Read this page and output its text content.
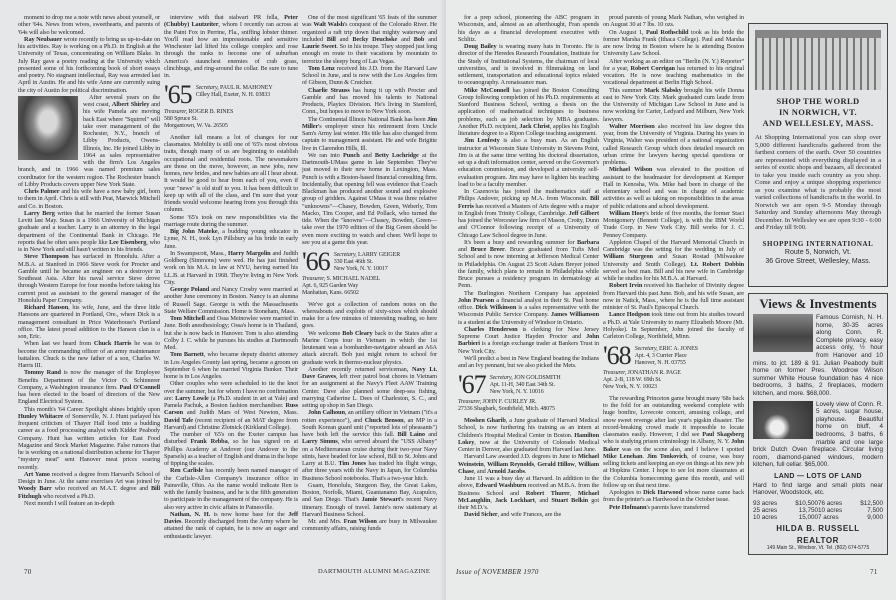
moment to drop me a note with news about yourself, or other '64s. News from wives, sweethearts, and parents of '64s will also be welcomed.

Ray Neubauer wrote recently to bring us up-to-date on his activities. Ray is working on a Ph.D. in English at the University of Texas, concentrating on William Blake. In July Ray gave a poetry reading at the University which presented some of his forthcoming book of short essays and poetry. No stagnant intellectual, Ray was arrested last April in Austin. He and his wife Anne are currently suing the city of Austin for political discrimination.

After several years on the west coast, Albert Shirley and his wife Pamela are moving back East where "Squirrel" will take over management of the Rochester, N.Y., branch of Libby Products, Owens-Illinois, Inc. He joined Libby in 1964 as sales representative with the firm's Los Angeles branch, and in 1966 was named premium sales coordinator for the western region. The Rochester branch of Libby Products covers upper New York State.

Chris Palmer and his wife have a new baby girl, born to them in April. Chris is still with Peat, Marwick Mitchell and Co. in Boston.

Larry Berg writes that he married the former Susan Levitt last May. Susan is a 1966 University of Michigan graduate and a teacher. Larry is an attorney in the legal department of the Continental Bank in Chicago. He reports that he often sees people like Lee Eisenberg, who is in New York and still hasn't written to his friends.

Steve Thompson has surfaced in Honolulu. After a M.B.A. at Stanford in 1966 Steve work for Procter and Gamble until he became an engineer on a destroyer in Southeast Asia. After his naval service Steve drove through Western Europe for four months before taking his current post as assistant to the general manager of the Honolulu Paper Company.

Richard Hanson, his wife, June, and the three little Hansons are quartered in Portland, Ore., where Dick is a management consultant in Price Waterhouse's Portland office. The latest proud addition to the Hanson clan is a son, Eric.

When last we heard from Chuck Harris he was to become the commanding officer of an army maintenance battalion. Chuck is the new father of a son, Charles W. Harris III.

Tommy Rand is now the manager of the Employee Benefits Department of the Victor O. Schinnerer Company, a Washington insurance firm. Paul O'Connell has been elected to the board of directors of the New England Electrical System.

This month's '64 Career Spotlight shines brightly upon Hunley Whitacre of Somerville, N. J. Hunt parlayed his frequent criticism of Thayer Hall food into a budding career as a food processing analyst with Kidder Peabody Company. Hunt has written articles for East Food Magazine and Stock Market Magazine. False rumors that he is working on a national distribution scheme for Thayer "mystery meat" sent Hanover meat prices soaring recently.

Art Yamo received a degree from Harvard's School of Design in June. At the same exercises Art was joined by Woody Barr who received an M.A.T. degree and Bill Fitzhugh who received a Ph.D.

Next month I will feature an in-depth

interview with that stalwart PR fella, Peter (Chubby) Lautzeiter, whom I recently ran across at the Paint Fox in Perrine, Fla., sniffing lobster thimer. You'll read how an impressionable and sensitive Winchester lad lifted his college complex and rose through the ranks to become one of suburban America's staunchest enemies of crab grass, clinchbugs, and ring-around the collar. Be sure to tune in.

'65 Secretary, PAUL R. MAHONEY
Cilley Hall, Exeter, N. H. 03833
Treasurer, ROGER B. RINES
580 Spruce St.
Morgantown, W. Va. 26505

Another fall means a lot of changes for our classmates. Mobility is still one of '65's most obvious traits, though many of us are beginning to establish occupational and residential roots. The newsmakers are those on the move, however, as new jobs, new homes, new brides, and new babies are all I hear about. It would be good to hear from each of you, even if your "news" is old stuff to you. It has been difficult to keep up with all of the class, and I'm sure that your friends would welcome hearing from you through this column.

Some '65's took on new responsibilities via the marriage route during the summer.

Big John Mateke, a budding young educator in Lyme, N. H., took Lyn Pillsbury as his bride in early June.

In Swampscott, Mass., Harry Margolin and Judith Goldberg (Simmons) were wed. He has just finished work on his M.A. in law at NYU, having earned his LL.B. at Harvard in 1968. They're living in New York City.

George Poland and Nancy Crosby were married at another June ceremony in Boston. Nancy is an alumna of Russell Sage. George is with the Massachusetts State Welfare Commission. Home is Stoneham, Mass.

Tom Mitchell and Ossa Meinowlee were married in June. Both anesthesiology; Ossa's home is in Thailand, but she is now back in Hanover. Tom is also attending Colby J. C. while he pursues his studies at Dartmouth Med.

Tom Barnett, who became deputy district attorney in Los Angeles County last spring, became a groom on September 6 when he married Virginia Bunker. Their home is in Los Angeles.

Other couples who were scheduled to tie the knot over the summer, but for whom I have no confirmation are: Larry Lowle (a Ph.D. student in art at Yale) and Pamela Pachuk, a Boston fashion merchandiser. Russ Carson and Judith Mars of West Newton, Mass. David Tafe (recent recipient of an MAT degree from Harvard) and Christine Zlotnick (Kirkland College).

The number of '65's on the Exeter campus has disturbed Frank Rebba, so he has signed on at Phillips Academy at Andover (our Andover to the Sparsels) as a teacher of English and drama in the hope of tipping the scales.

Ren Carlisle has recently been named manager of the Carlisle-Allen Company's insurance office in Painsville, Ohio. As the name would indicate Ren is with the family business, and he is the fifth generation to participate in the management of the company. He is also very active in civic affairs in Painesville.

Nathan, N. H. is now home base for the Jeff Davies. Recently discharged from the Army where he attained the rank of captain, he is now an eager and enthusiastic lawyer.

One of the most significant '65 feats of the summer was Walt Walsh's conquest of the Colorado River. He organized a raft trip down that mighty waterway and included Bill and Becky Deuchske and Bob and Laurie Sweet. So in his troupe. They stopped just long enough en route to their vacations by mountain to terrorize the sleepy burg of Las Vegas.

Tom Lenz received his J.D. from the Harvard Law School in June, and is now with the Los Angeles firm of Gibson, Dunn & Crutcher.

Charlie Strauss has hung it up with Procter and Gamble and has moved his talents to National Products, Playtex Division. He's living in Stamford, Conn., but hopes to move to New York soon.

The Continental Illinois National Bank has been Jim Miller's employer since his retirement from Uncle Sam's Army last winter. His title has also changed from captain to management assistant. He and wife Brigitte live in Clarendon Hills, Ill.

We ran into Punch and Betty Lochridge at the Dartmouth-UMass game in late September. They've just moved to their new home in Lexington, Mass. Punch is with a Boston-based financial consulting firm. Incidentally, that opening fell was evidence that Coach Blackman has produced another sound and explosive group of gridders. Against UMass it was three relative "unknowns"—Chasey, Bowden, Green, Weberly, Tom Macko, Tim Cooper, and Ed Pollack, who turned the tide. When the "knowns"—Chasey, Bowden, Green—take over the 1970 edition of the Big Green should be even more exciting to watch and cheer. We'll hope to see you at a game this year.

'66 Secretary, LARRY GEIGER
330 East 46th St.
New York, N. Y. 10017
Treasurer, S. MICHAEL NADEL
Apt. 6, 925 Garden Way
Manhattan, Kans. 66502

We've got a collection of random notes on the whereabouts and exploits of sixty-sixes which should make for a few minutes of interesting reading, so here goes.

We welcome Bob Cleary back to the States after a Marine Corps tour in Vietnam in which the 1st lieutenant was a bombardier-navigator aboard an A6A attack aircraft. Bob just might return to school for graduate work in thermo-nuclear physics.

Another recently returned serviceman, Navy Lt. Dave Graves, left river patrol boat chores in Vietnam for an assignment at the Navy's Fleet AAW Training Center. Dave also planned some deep-sea fishing, marrying Catherine L. Dees of Charleston, S. C., and setting up shop in San Diego.

John Calhoun, an artillery officer in Vietnam ("it's a rotten experience"), and Chuck Benson, an MP in a South Korean guard unit ("reported lots of pheasants") have both left the service this fall. Bill Laino and Larry Simms, who served aboard the "USS Albany" on a Mediterranean cruise during their two-year Navy stints, have headed for law school, Bill to St. Johns and Larry at B.U. Tim Jones has traded his flight wings, after three years with the Navy in Japan, for Columbia Business School notebooks. That's a two-year hitch.

Guam, Honolulu, Sturgeon Bay, the Great Lakes, Boston, Norfolk, Miami, Guantanamo Bay, Acapulco, and San Diego. That's Jamie Stewart's recent Navy itinerary. Enough of travel. Jamie's now stationary at Harvard Business School.

Mr. and Mrs. Fran Wilson are busy in Milwaukee community affairs, raising funds

70	DARTMOUTH ALUMNI MAGAZINE

for a prep school, pioneering the ABC program in Wisconsin, and, almost as an afterthought, Fran spends his days as a financial development executive with Schlitz.

Doug Bailey is wearing many hats in Toronto. He is director of the Heredes Research Foundation, Institute for the Study of Institutional Systems, the chairman of local universities, and is involved in filmmaking on land settlement, transportation and educational topics related to oceanography. A renaissance man.

Mike McConnell has joined the Boston Consulting Group following completion of his Ph.D. requirements at Stanford Business School, writing a thesis on the application of mathematical techniques to business problems, such as job selection by MBA graduates. Another Ph.D. recipient, Jack Christ, applies his English literature degree to a Ripon College teaching assignment.

Jim Lenfesty is also a busy man. As an English instructor at Wisconsin State University in Stevens Point, Jim is at the same time writing his doctoral dissertation, set up a draft information center, served on the Governor's education commission, and developed a university self-evaluation program. Jim may have to lighten his teaching load to be a faculty member.

In Cazenovia has joined the mathematics staff at Philips Andover, picking up M.A. from Wisconsin. Bill Ferris has received a Masters of Arts degree with a major in English from Trinity College, Cambridge. Jeff Gilbert has joined the Worcester law firm of Mason, Crotty, Dunn and O'Connor following receipt of a University of Chicago Law School degree in June.

It's been a busy and rewarding summer for Barbara and Bruce Breer. Bruce graduated from Tufts Med School and is now interning at Jefferson Medical Center in Philadelphia. On August 23 Scott Adam Breyer joined the family, which plans to remain in Philadelphia while Bruce pursues a residency program in dermatology at Penn.

The Burlington Northern Company has appointed John Pearson a financial analyst in their St. Paul home office. Dick Wilkinson is a sales representative with the Wisconsin Public Service Company. James Williamson is a student at the University of Windsor in Ontario.

Charles Henderson is clerking for New Jersey Supreme Court Justice Hayden Proctor and John Barbieri is a foreign exchange trader at Bankers Trust in New York City.

We'll predict a best in New England boating the Indians and an Ivy pennant, but we also picked the Mets.

'67 Secretary, JON GOLDSMITH
Apt. 11-H, 340 East 34th St.
New York, N. Y. 10016
Treasurer, JOHN F. CURLEY JR.
27336 Shagbark, Southfield, Mich. 48075

Moshen Gharib, a June graduate of Harvard Medical School, is now furthering his training as an intern at Children's Hospital Medical Center in Boston. Hamilton Lokey, now at the University of Colorado Medical Center in Denver, also graduated from Harvard last June.

Harvard Law awarded J.D. degrees in June to Michael Weinstein, William Reynolds, Gerald Hillow, William Chase, and Arnold Jacobs.

June 11 was a busy day at Harvard. In addition to the above, Edward Washburn received an M.B.A. from the Business School and Robert Thurer, Michael McLaughlin, Jack Lockhart, and Stuart Belkin got their M.D.'s.

David Sicher, and wife Frances, are the

proud parents of young Mark Nathan, who weighed in on August 30 at 7 lbs. 10 ozs.

On August 1, Paul Rothschild took as his bride the former Marsha Frank (Ithaca College). Paul and Marsha are now living in Boston where he is attending Boston University Law School.

After working as an editor on "Berlin (N. Y.) Reporter" for a year, Robert Corrigan has returned to his original vocation. He is now teaching mathematics in the vocational department at Berlin High School.

This summer Mark Slabsky brought his wife Donna east to New York City. Mark graduated cum laude from the University of Michigan Law School in June and is now working for Carter, Ledyard and Milburn, New York lawyers.

Walter Morrison also received his law degree this year, from the University of Virginia. During his years in Virginia, Walter was president of a national organization called Research Group which does detailed research on urban crime for lawyers having special questions or problems.

Michael Wilson was elevated to the position of assistant to the headmaster for development at Kemper Hall in Kenosha, Wis. Mike had been in charge of the elementary school and was in charge of academic activities as well as taking on responsibilities in the areas of public relations and school development.

William Hoey's bride of five months, the former Staci Montgomery (Bennett College), is with the IBM World Trade Corp. in New York City. Bill works for J. C. Penney Company.

Appleton Chapel of the Harvard Memorial Church in Cambridge was the setting for the wedding in July of William Sturgeon and Susan Rostad (Milwaukee University and Smith College). Lt. Robert Dobbin served as best man. Bill and his new wife in Cambridge while he studies for his M.B.A. at Harvard.

Robert Irvin received his Bachelor of Divinity degree from Harvard this past June. Bob, and his wife Susan, are now in Natick, Mass., where he is the full time assistant minister of St. Paul's Episcopal Church.

Lance Hodgson took time out from his studies toward a Ph.D. at Yale University to marry Elizabeth Moore (Mt. Holyoke). In September, John joined the faculty of Carleton College, Northfield, Minn.

'68 Secretary, ERIC A. JONES
Apt. 4, 3 Currier Place
Hanover, N. H. 03755
Treasurer, JONATHAN R. PAGE
Apt. 2-B, 118 W. 69th St.
New York, N. Y. 10023

The rewarding Princeton game brought many '68s back to the fold for an outstanding weekend complete with huge bonfire, Lovecote concert, amusing collage, and snow sweet revenge after last year's pigskin disaster. The record-breaking crowd made it impossible to locate classmates easily. However, I did see Paul Skagsberg who is studying prison criminology in Albany, N. Y. John Baker was on the scene also, and I believe I spotted Mike Lenehan. Jim Tonkovich, of course, was busy selling tickets and keeping an eye on things at his new job at Hopkins Center. I hope to see lot more classmates at the Columbia homecoming game this month, and will follow up on that next time.

Apologies to Dick Harwood whose name came back from the printer's as Hardwood in the October issue.

Pete Hofmann's parents have transferred

Issue of NOVEMBER 1970	71
SHOP THE WORLD
IN NORWICH, VT.
AND WELLESLEY, MASS.
At Shopping International you can shop over 5,000 different handicrafts gathered from the farthest corners of the earth. Over 50 countries are represented with everything displayed in a series of exotic shops and bazaars, all decorated to take you inside each country as you shop. Come and enjoy a unique shopping experience as you examine what is probably the most varied collections of handicrafts in the world. In Norwich we are open 9-5 Monday through Saturday and Sunday afternoons May through December. In Wellesley we are open 9:30 - 6:00 and Friday till 9:00.
SHOPPING INTERNATIONAL
Route 5, Norwich, Vt.
36 Grove Street, Wellesley, Mass.
Views & Investments
Famous Cornish, N. H. home, 30-35 acres along Conn. R. Complete privacy, easy access only, ½ hour from Hanover and 10 mins. to jct. 189 & 91. Julian Peabody built home on former Pres. Woodrow Wilson summer White House foundation has 4 nice bedrooms, 3 baths, 2 fireplaces, modern kitchen, and more. $68,000.
Lovely view of Conn. R. 5 acres, sugar house, playhouse. Beautiful home on bluff, 4 bedrooms, 3 baths, 6 marble and one large brick Dutch Oven fireplace. Circular living room, diamond-paned windows, modern kitchen, full cellar. $65,000.
LAND — LOTS OF LAND
Hard to find large and small plots near Hanover, Woodstock, etc.
93 acres	$10,500	76 acres	$12,500
25 acres	13,750	10 acres	7,500
10 acres	15,000	7 acres	9,000
HILDA B. RUSSELL
REALTOR
149 Main St., Windsor, Vt. Tel. (802) 674-5775
